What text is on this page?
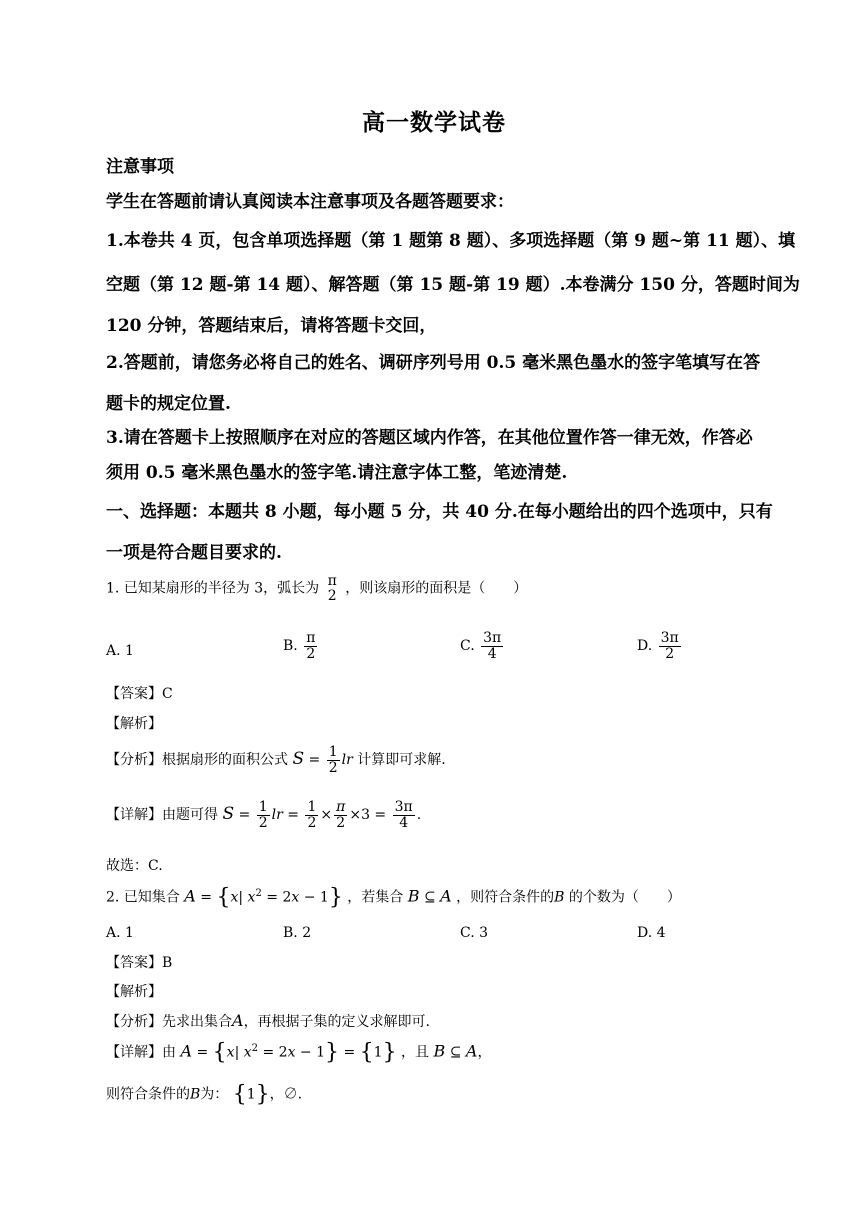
高一数学试卷
注意事项
学生在答题前请认真阅读本注意事项及各题答题要求：
1.本卷共 4 页，包含单项选择题（第 1 题第 8 题）、多项选择题（第 9 题~第 11 题）、填
空题（第 12 题-第 14 题）、解答题（第 15 题-第 19 题）.本卷满分 150 分，答题时间为
120 分钟，答题结束后，请将答题卡交回，
2.答题前，请您务必将自己的姓名、调研序列号用 0.5 毫米黑色墨水的签字笔填写在答
题卡的规定位置.
3.请在答题卡上按照顺序在对应的答题区域内作答，在其他位置作答一律无效，作答必
须用 0.5 毫米黑色墨水的签字笔.请注意字体工整，笔迹清楚.
一、选择题：本题共 8 小题，每小题 5 分，共 40 分.在每小题给出的四个选项中，只有
一项是符合题目要求的.
1. 已知某扇形的半径为 3，弧长为 π
2 ，则该扇形的面积是（　　）
A. 1	B. $\frac{\pi}{2}$	C. $\frac{3\pi}{4}$	D. $\frac{3\pi}{2}$
【答案】C
【解析】
【分析】根据扇形的面积公式 $S = \frac{1}{2}$ lr 计算即可求解.
【详解】由题可得 $S = \frac{1}{2}$ lr = $\frac{1}{2} \times \frac{\pi}{2} \times 3 = \frac{3\pi}{4}$ .
故选：C.
2. 已知集合 A = {x| $x^2 = 2x - 1$} ，若集合 B ⊆ A ，则符合条件的B 的个数为（　　）
A. 1	B. 2	C. 3	D. 4
【答案】B
【解析】
【分析】先求出集合A，再根据子集的定义求解即可.
【详解】由 A = {x| $x^2 = 2x - 1\} = \{1\}$ ，且 B ⊆ A，
则符合条件的B为： {1}，∅.
